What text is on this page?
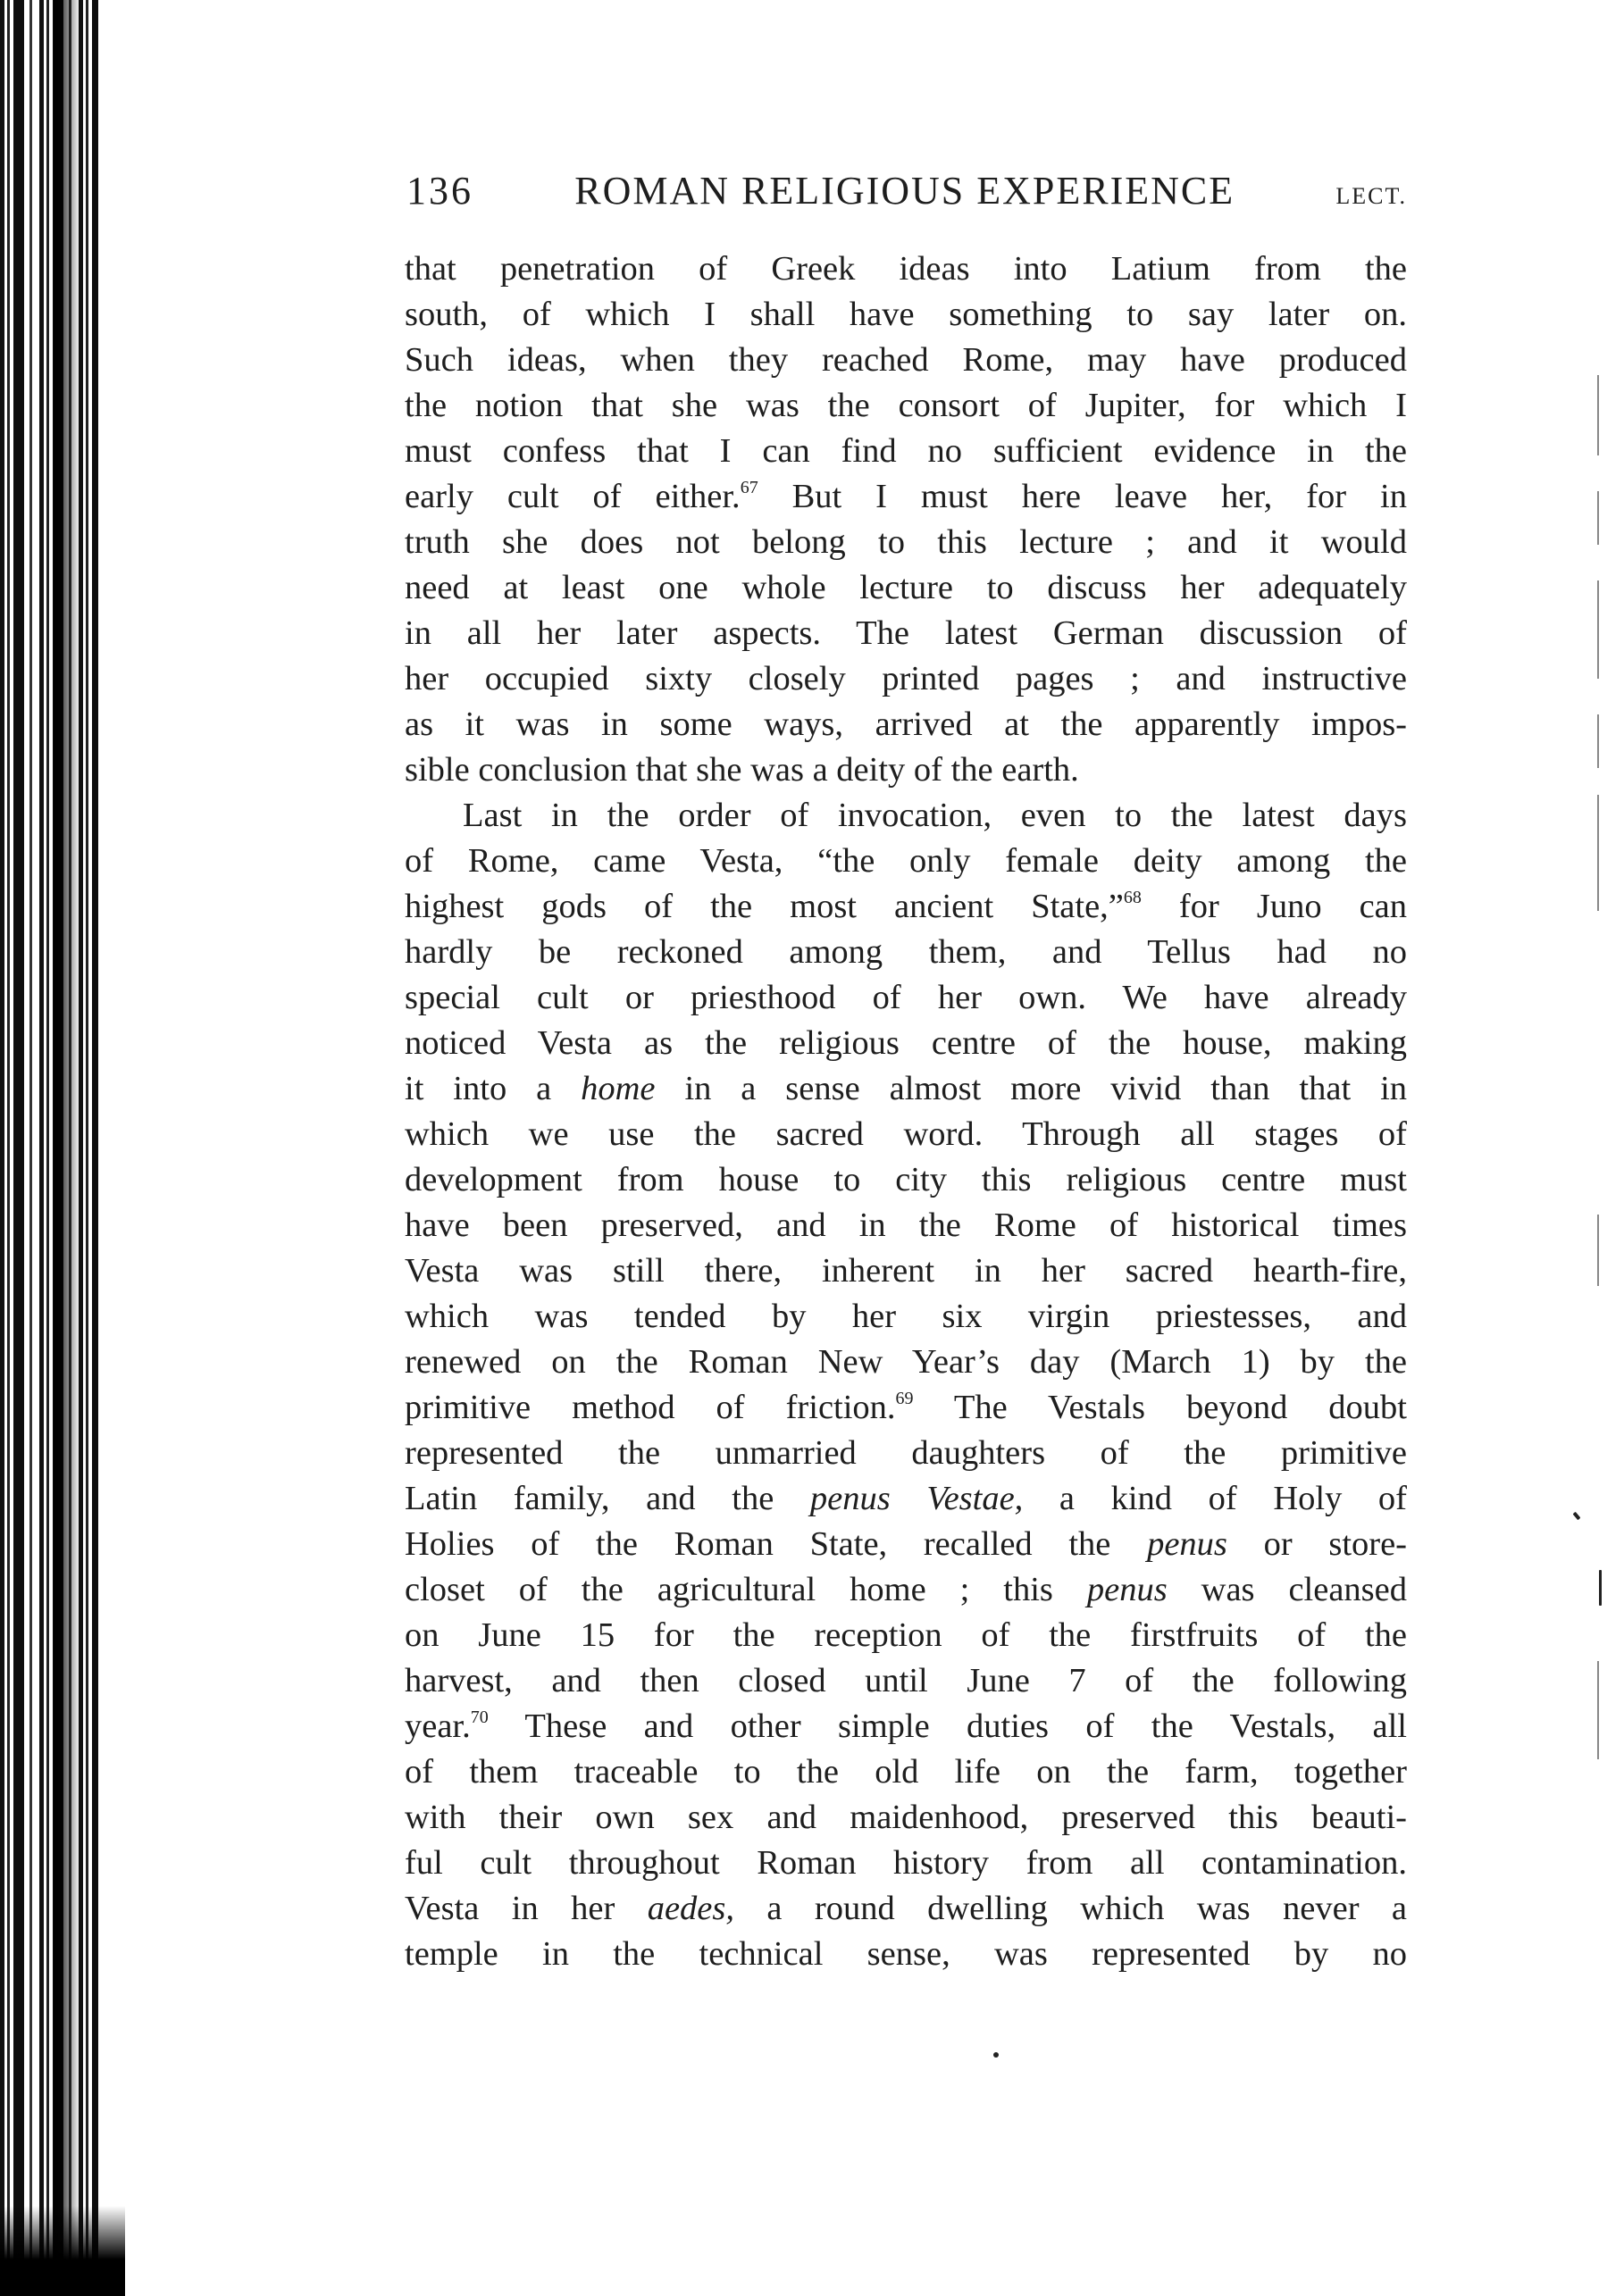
136	ROMAN RELIGIOUS EXPERIENCE	LECT.
that penetration of Greek ideas into Latium from the
south, of which I shall have something to say later on.
Such ideas, when they reached Rome, may have produced
the notion that she was the consort of Jupiter, for which I
must confess that I can find no sufficient evidence in the
early cult of either.$^{67}$ But I must here leave her, for in
truth she does not belong to this lecture ; and it would
need at least one whole lecture to discuss her adequately
in all her later aspects. The latest German discussion of
her occupied sixty closely printed pages ; and instructive
as it was in some ways, arrived at the apparently impos-
sible conclusion that she was a deity of the earth.
Last in the order of invocation, even to the latest days
of Rome, came Vesta, “the only female deity among the
highest gods of the most ancient State,”$^{68}$ for Juno can
hardly be reckoned among them, and Tellus had no
special cult or priesthood of her own. We have already
noticed Vesta as the religious centre of the house, making
it into a home in a sense almost more vivid than that in
which we use the sacred word. Through all stages of
development from house to city this religious centre must
have been preserved, and in the Rome of historical times
Vesta was still there, inherent in her sacred hearth-fire,
which was tended by her six virgin priestesses, and
renewed on the Roman New Year’s day (March 1) by the
primitive method of friction.$^{69}$ The Vestals beyond doubt
represented the unmarried daughters of the primitive
Latin family, and the penus Vestae, a kind of Holy of
Holies of the Roman State, recalled the penus or store-
closet of the agricultural home ; this penus was cleansed
on June 15 for the reception of the firstfruits of the
harvest, and then closed until June 7 of the following
year.$^{70}$ These and other simple duties of the Vestals, all
of them traceable to the old life on the farm, together
with their own sex and maidenhood, preserved this beauti-
ful cult throughout Roman history from all contamination.
Vesta in her aedes, a round dwelling which was never a
temple in the technical sense, was represented by no
